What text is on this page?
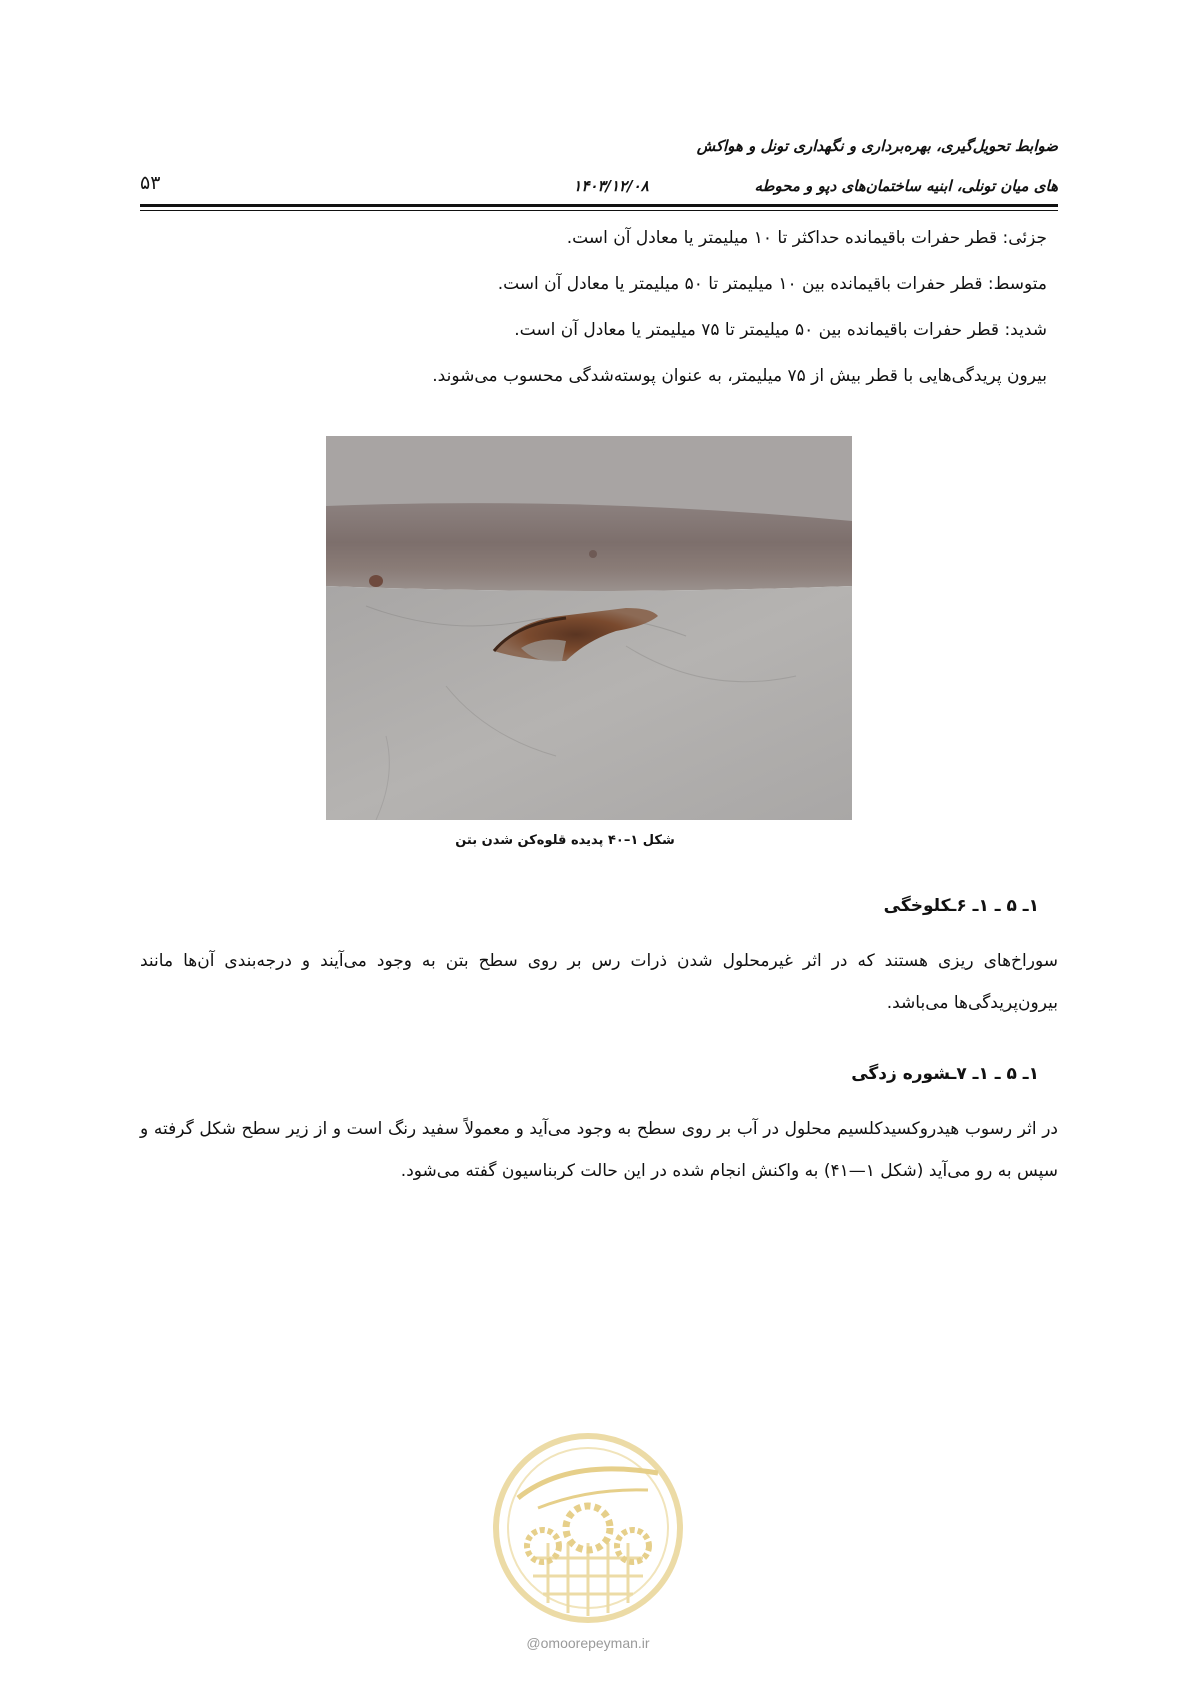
ضوابط تحویل‌گیری، بهره‌برداری و نگهداری تونل و هواکش
های میان تونلی، ابنیه ساختمان‌های دپو و محوطه
۱۴۰۳/۱۲/۰۸
۵۳
جزئی: قطر حفرات باقیمانده حداکثر تا ۱۰ میلیمتر یا معادل آن است.
متوسط: قطر حفرات باقیمانده بین ۱۰ میلیمتر تا ۵۰ میلیمتر یا معادل آن است.
شدید: قطر حفرات باقیمانده بین ۵۰ میلیمتر تا ۷۵ میلیمتر یا معادل آن است.
بیرون پریدگی‌هایی با قطر بیش از ۷۵ میلیمتر، به عنوان پوسته‌شدگی محسوب می‌شوند.
شکل ۱–۴۰ پدیده قلوه‌کن شدن بتن
۱ـ ۵ ـ ۱ـ ۶ـکلوخگی
سوراخ‌های ریزی هستند که در اثر غیرمحلول شدن ذرات رس بر روی سطح بتن به وجود می‌آیند و درجه‌بندی آن‌ها مانند بیرون‌پریدگی‌ها می‌باشد.
۱ـ ۵ ـ ۱ـ ۷ـشوره زدگی
در اثر رسوب هیدروکسیدکلسیم محلول در آب بر روی سطح به وجود می‌آید و معمولاً سفید رنگ است و از زیر سطح شکل گرفته و سپس به رو می‌آید (شکل ۱—۴۱) به واکنش انجام شده در این حالت کربناسیون گفته می‌شود.
@omoorepeyman.ir
